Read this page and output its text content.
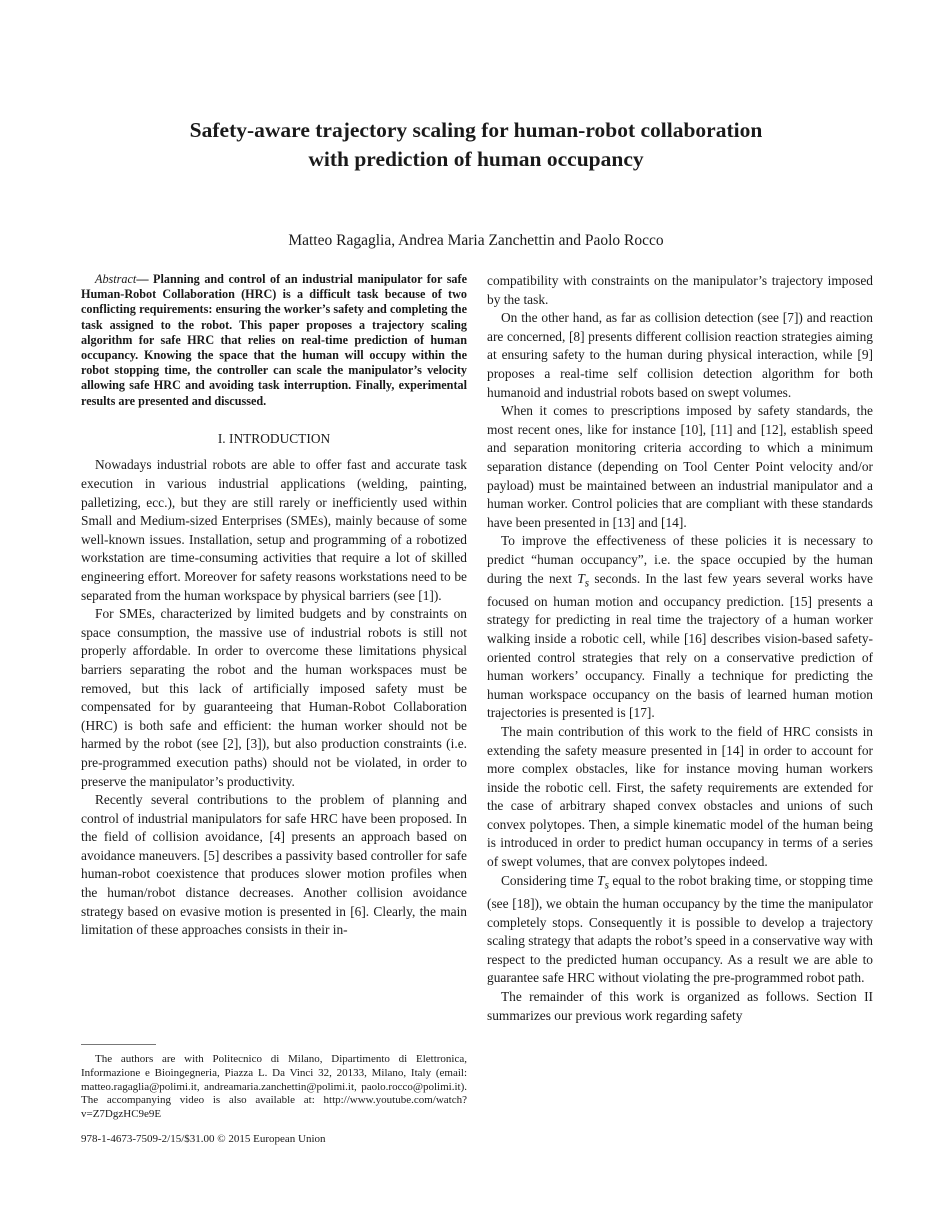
Safety-aware trajectory scaling for human-robot collaboration
with prediction of human occupancy
Matteo Ragaglia, Andrea Maria Zanchettin and Paolo Rocco

Abstract— Planning and control of an industrial manipulator for safe Human-Robot Collaboration (HRC) is a difficult task because of two conflicting requirements: ensuring the worker’s safety and completing the task assigned to the robot. This paper proposes a trajectory scaling algorithm for safe HRC that relies on real-time prediction of human occupancy. Knowing the space that the human will occupy within the robot stopping time, the controller can scale the manipulator’s velocity allowing safe HRC and avoiding task interruption. Finally, experimental results are presented and discussed.

I. INTRODUCTION

Nowadays industrial robots are able to offer fast and accurate task execution in various industrial applications (welding, painting, palletizing, ecc.), but they are still rarely or inefficiently used within Small and Medium-sized Enterprises (SMEs), mainly because of some well-known issues. Installation, setup and programming of a robotized workstation are time-consuming activities that require a lot of skilled engineering effort. Moreover for safety reasons workstations need to be separated from the human workspace by physical barriers (see [1]).

For SMEs, characterized by limited budgets and by constraints on space consumption, the massive use of industrial robots is still not properly affordable. In order to overcome these limitations physical barriers separating the robot and the human workspaces must be removed, but this lack of artificially imposed safety must be compensated for by guaranteeing that Human-Robot Collaboration (HRC) is both safe and efficient: the human worker should not be harmed by the robot (see [2], [3]), but also production constraints (i.e. pre-programmed execution paths) should not be violated, in order to preserve the manipulator’s productivity.

Recently several contributions to the problem of planning and control of industrial manipulators for safe HRC have been proposed. In the field of collision avoidance, [4] presents an approach based on avoidance maneuvers. [5] describes a passivity based controller for safe human-robot coexistence that produces slower motion profiles when the human/robot distance decreases. Another collision avoidance strategy based on evasive motion is presented in [6]. Clearly, the main limitation of these approaches consists in their in-

The authors are with Politecnico di Milano, Dipartimento di Elettronica, Informazione e Bioingegneria, Piazza L. Da Vinci 32, 20133, Milano, Italy (email: matteo.ragaglia@polimi.it, andreamaria.zanchettin@polimi.it, paolo.rocco@polimi.it). The accompanying video is also available at: http://www.youtube.com/watch?v=Z7DgzHC9e9E

978-1-4673-7509-2/15/$31.00 © 2015 European Union

compatibility with constraints on the manipulator’s trajectory imposed by the task.

On the other hand, as far as collision detection (see [7]) and reaction are concerned, [8] presents different collision reaction strategies aiming at ensuring safety to the human during physical interaction, while [9] proposes a real-time self collision detection algorithm for both humanoid and industrial robots based on swept volumes.

When it comes to prescriptions imposed by safety standards, the most recent ones, like for instance [10], [11] and [12], establish speed and separation monitoring criteria according to which a minimum separation distance (depending on Tool Center Point velocity and/or payload) must be maintained between an industrial manipulator and a human worker. Control policies that are compliant with these standards have been presented in [13] and [14].

To improve the effectiveness of these policies it is necessary to predict “human occupancy”, i.e. the space occupied by the human during the next $T_s$ seconds. In the last few years several works have focused on human motion and occupancy prediction. [15] presents a strategy for predicting in real time the trajectory of a human worker walking inside a robotic cell, while [16] describes vision-based safety-oriented control strategies that rely on a conservative prediction of human workers’ occupancy. Finally a technique for predicting the human workspace occupancy on the basis of learned human motion trajectories is presented is [17].

The main contribution of this work to the field of HRC consists in extending the safety measure presented in [14] in order to account for more complex obstacles, like for instance moving human workers inside the robotic cell. First, the safety requirements are extended for the case of arbitrary shaped convex obstacles and unions of such convex polytopes. Then, a simple kinematic model of the human being is introduced in order to predict human occupancy in terms of a series of swept volumes, that are convex polytopes indeed.

Considering time $T_s$ equal to the robot braking time, or stopping time (see [18]), we obtain the human occupancy by the time the manipulator completely stops. Consequently it is possible to develop a trajectory scaling strategy that adapts the robot’s speed in a conservative way with respect to the predicted human occupancy. As a result we are able to guarantee safe HRC without violating the pre-programmed robot path.

The remainder of this work is organized as follows. Section II summarizes our previous work regarding safety
